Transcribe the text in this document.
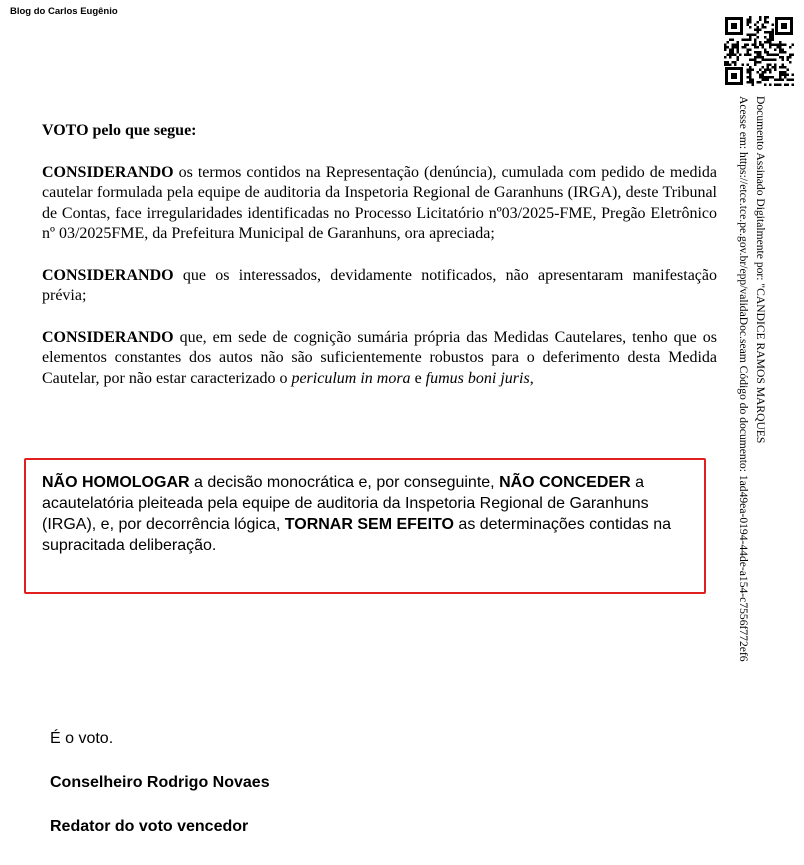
Blog do Carlos Eugênio
Documento Assinado Digitalmente por: "CANDICE RAMOS MARQUES
Acesse em: https://etce.tce.pe.gov.br/epp/validaDoc.seam Código do documento: 1ad49ea-0194-44de-a154-c7556f772ef6

VOTO pelo que segue:

CONSIDERANDO os termos contidos na Representação (denúncia), cumulada com pedido de medida cautelar formulada pela equipe de auditoria da Inspetoria Regional de Garanhuns (IRGA), deste Tribunal de Contas, face irregularidades identificadas no Processo Licitatório nº03/2025-FME, Pregão Eletrônico nº 03/2025FME, da Prefeitura Municipal de Garanhuns, ora apreciada;

CONSIDERANDO que os interessados, devidamente notificados, não apresentaram manifestação prévia;

CONSIDERANDO que, em sede de cognição sumária própria das Medidas Cautelares, tenho que os elementos constantes dos autos não são suficientemente robustos para o deferimento desta Medida Cautelar, por não estar caracterizado o periculum in mora e fumus boni juris,

NÃO HOMOLOGAR a decisão monocrática e, por conseguinte, NÃO CONCEDER a acautelatória pleiteada pela equipe de auditoria da Inspetoria Regional de Garanhuns (IRGA), e, por decorrência lógica, TORNAR SEM EFEITO as determinações contidas na supracitada deliberação.
É o voto.
Conselheiro Rodrigo Novaes
Redator do voto vencedor
